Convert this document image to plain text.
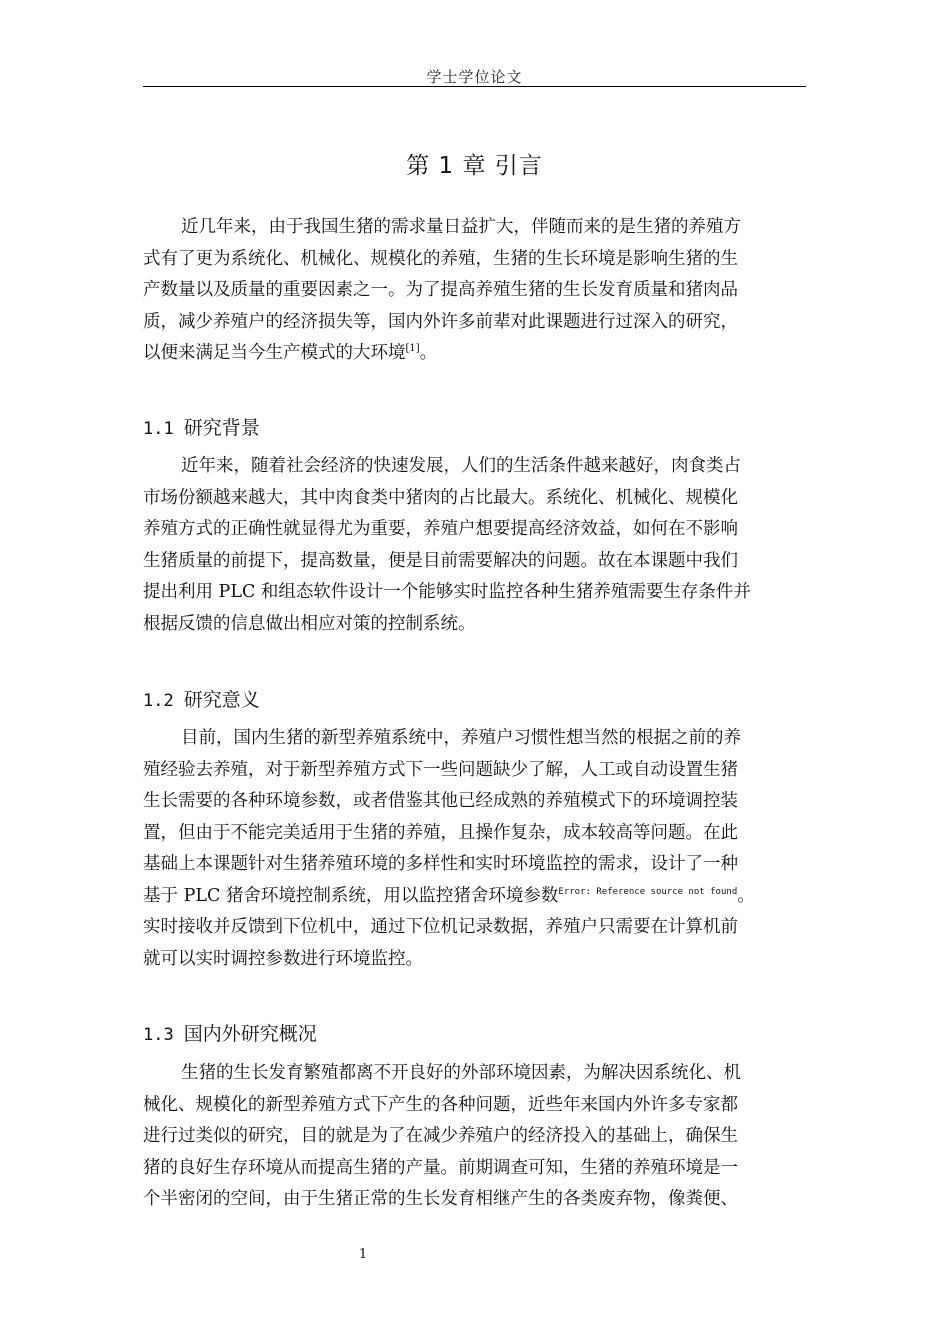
学士学位论文
第 1 章 引言
近几年来，由于我国生猪的需求量日益扩大，伴随而来的是生猪的养殖方
式有了更为系统化、机械化、规模化的养殖，生猪的生长环境是影响生猪的生
产数量以及质量的重要因素之一。为了提高养殖生猪的生长发育质量和猪肉品
质，减少养殖户的经济损失等，国内外许多前辈对此课题进行过深入的研究，
以便来满足当今生产模式的大环境[1]。
1.1 研究背景
近年来，随着社会经济的快速发展，人们的生活条件越来越好，肉食类占
市场份额越来越大，其中肉食类中猪肉的占比最大。系统化、机械化、规模化
养殖方式的正确性就显得尤为重要，养殖户想要提高经济效益，如何在不影响
生猪质量的前提下，提高数量，便是目前需要解决的问题。故在本课题中我们
提出利用 PLC 和组态软件设计一个能够实时监控各种生猪养殖需要生存条件并
根据反馈的信息做出相应对策的控制系统。
1.2 研究意义
目前，国内生猪的新型养殖系统中，养殖户习惯性想当然的根据之前的养
殖经验去养殖，对于新型养殖方式下一些问题缺少了解，人工或自动设置生猪
生长需要的各种环境参数，或者借鉴其他已经成熟的养殖模式下的环境调控装
置，但由于不能完美适用于生猪的养殖，且操作复杂，成本较高等问题。在此
基础上本课题针对生猪养殖环境的多样性和实时环境监控的需求，设计了一种
基于 PLC 猪舍环境控制系统，用以监控猪舍环境参数$^{Error: Reference source not found}$。
实时接收并反馈到下位机中，通过下位机记录数据，养殖户只需要在计算机前
就可以实时调控参数进行环境监控。
1.3 国内外研究概况
生猪的生长发育繁殖都离不开良好的外部环境因素，为解决因系统化、机
械化、规模化的新型养殖方式下产生的各种问题，近些年来国内外许多专家都
进行过类似的研究，目的就是为了在减少养殖户的经济投入的基础上，确保生
猪的良好生存环境从而提高生猪的产量。前期调查可知，生猪的养殖环境是一
个半密闭的空间，由于生猪正常的生长发育相继产生的各类废弃物，像粪便、
1
